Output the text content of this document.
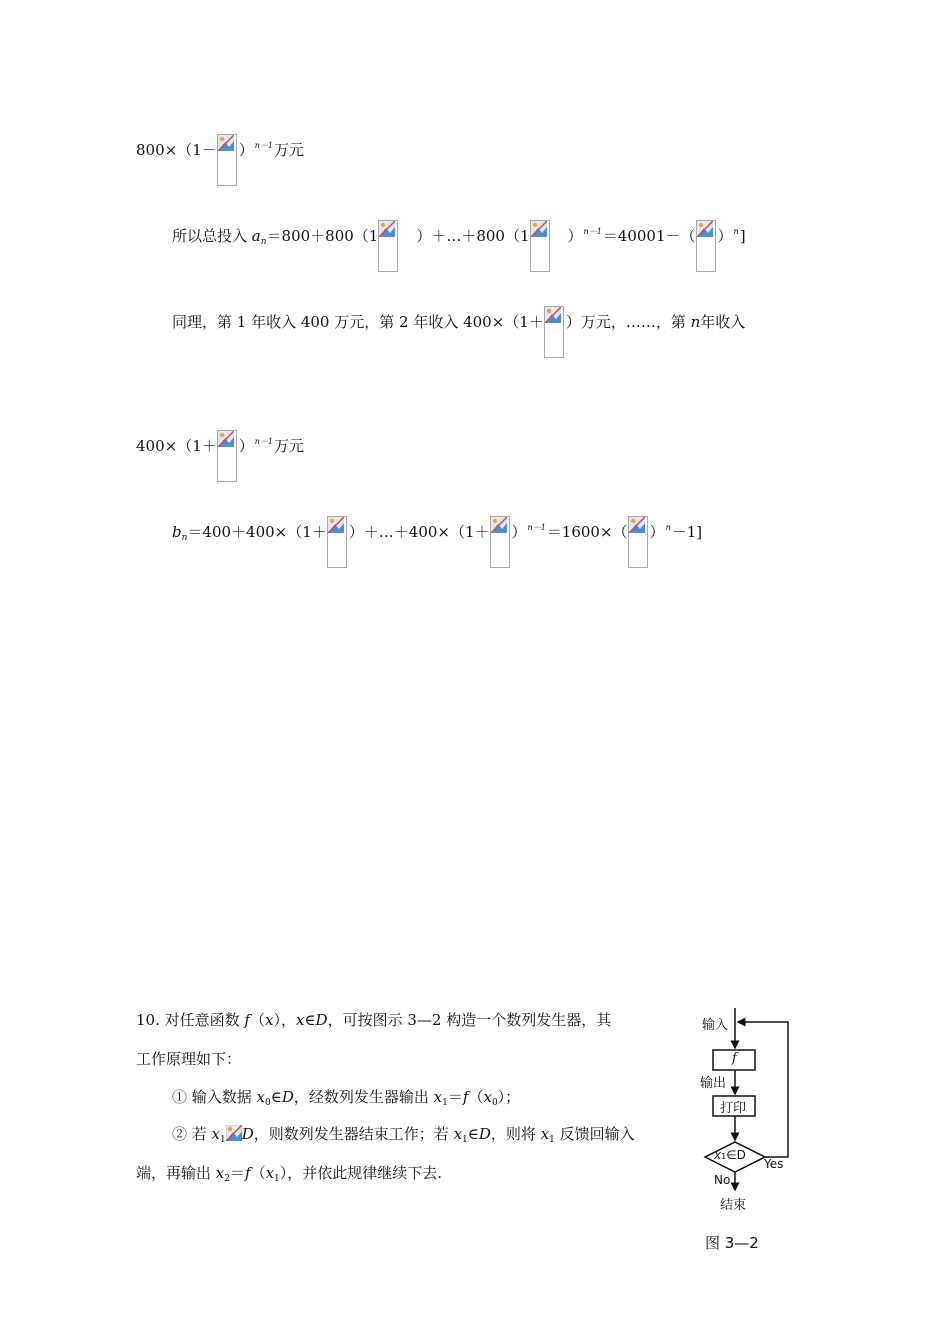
$800\times(1- )^{n-1}$万元
所以总投入 $a_n=800+800(1$	）＋…＋800（1	）$^{n-1}$＝40001－（ ）$^n$]
同理，第 1 年收入 400 万元，第 2 年收入 400×（1＋ ）万元，……，第 n年收入
$400\times(1+ )^{n-1}$万元
$b_n=400+400\times(1+$ ）＋…＋400×（1＋ ）$^{n-1}$＝1600×（ ）$^n$－1]
10. 对任意函数 f（x），x∈D，可按图示 3—2 构造一个数列发生器，其
工作原理如下：
① 输入数据 $x_0\in D$，经数列发生器输出 $x_1=f(x_0)$；
② 若 $x_1$ D，则数列发生器结束工作；若 $x_1\in D$，则将 $x_1$ 反馈回输入
端，再输出 $x_2=f(x_1)$，并依此规律继续下去.
输入
f
输出
打印
x1∈D
Yes
No
结束
图 3—2
